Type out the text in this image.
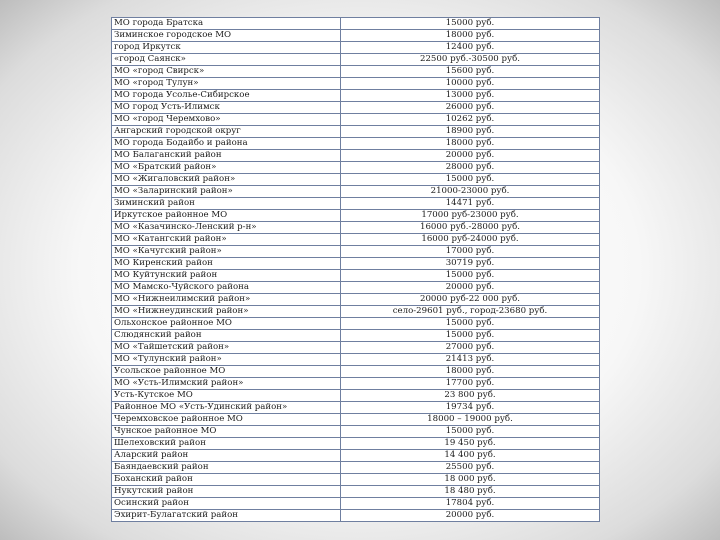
МО города Братска	15000 руб.
Зиминское городское МО	18000 руб.
город Иркутск	12400 руб.
«город Саянск»	22500 руб.-30500 руб.
МО «город Свирск»	15600 руб.
МО «город Тулун»	10000 руб.
МО города Усолье-Сибирское	13000 руб.
МО город Усть-Илимск	26000 руб.
МО «город Черемхово»	10262 руб.
Ангарский городской округ	18900 руб.
МО города Бодайбо и района	18000 руб.
МО Балаганский район	20000 руб.
МО «Братский район»	28000 руб.
МО «Жигаловский район»	15000 руб.
МО «Заларинский район»	21000-23000 руб.
Зиминский район	14471 руб.
Иркутское районное МО	17000 руб-23000 руб.
МО «Казачинско-Ленский р-н»	16000 руб.-28000 руб.
МО «Катангский район»	16000 руб-24000 руб.
МО «Качугский район»	17000 руб.
МО Киренский район	30719 руб.
МО Куйтунский район	15000 руб.
МО Мамско-Чуйского района	20000 руб.
МО «Нижнеилимский район»	20000 руб-22 000 руб.
МО «Нижнеудинский район»	село-29601 руб., город-23680 руб.
Ольхонское районное МО	15000 руб.
Слюдянский район	15000 руб.
МО «Тайшетский район»	27000 руб.
МО «Тулунский район»	21413 руб.
Усольское районное МО	18000 руб.
МО «Усть-Илимский район»	17700 руб.
Усть-Кутское МО	23 800 руб.
Районное МО «Усть-Удинский район»	19734 руб.
Черемховское районное МО	18000 – 19000 руб.
Чунское районное МО	15000 руб.
Шелеховский район	19 450 руб.
Аларский район	14 400 руб.
Баяндаевский район	25500 руб.
Боханский район	18 000 руб.
Нукутский район	18 480 руб.
Осинский район	17804 руб.
Эхирит-Булагатский район	20000 руб.
